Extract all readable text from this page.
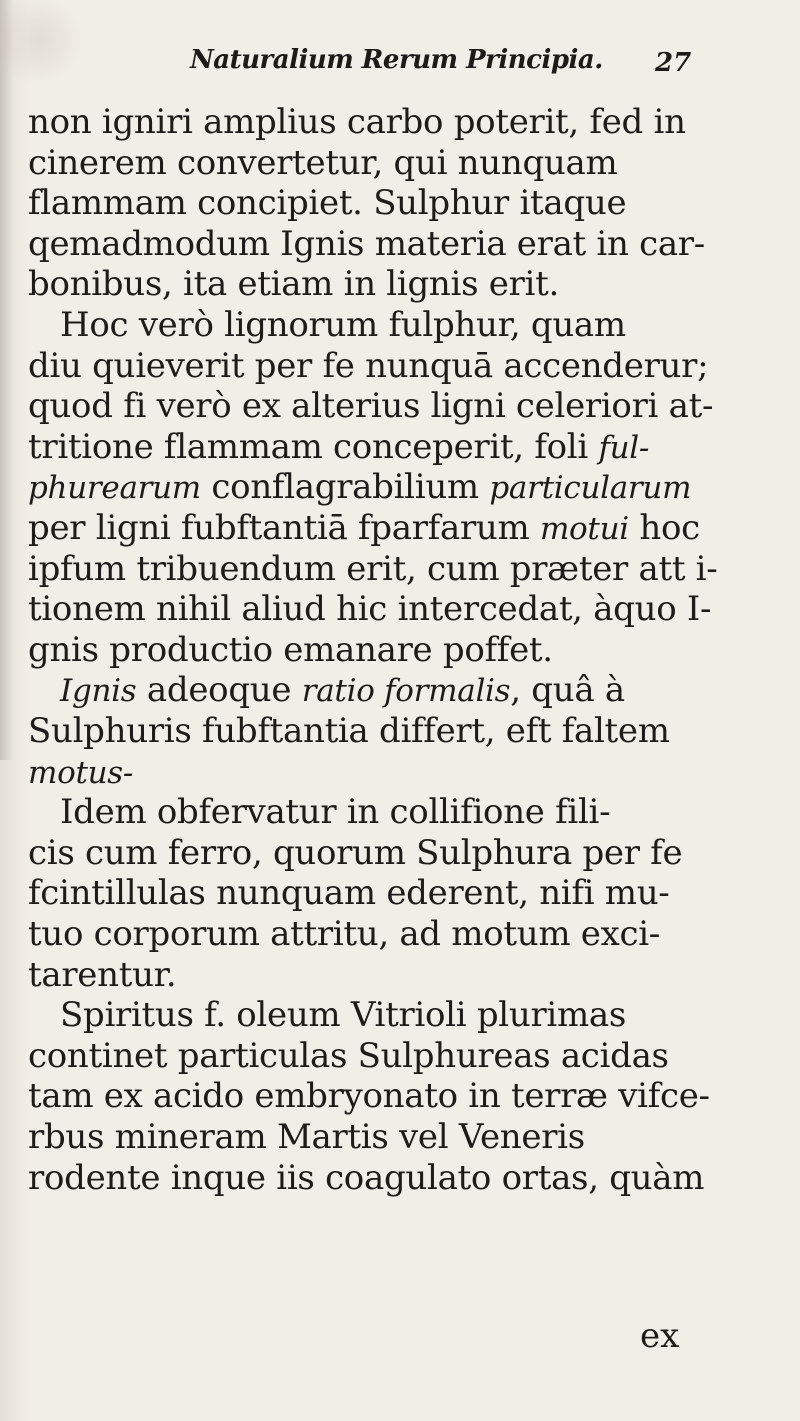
Naturalium Rerum Principia. 27
non igniri amplius carbo poterit, fed in
cinerem convertetur, qui nunquam
flammam concipiet. Sulphur itaque
qemadmodum Ignis materia erat in car-
bonibus, ita etiam in lignis erit.
Hoc verò lignorum fulphur, quam
diu quieverit per fe nunquā accenderur;
quod fi verò ex alterius ligni celeriori at-
tritione flammam conceperit, foli ful-
phurearum conflagrabilium particularum
per ligni fubftantiā fparfarum motui hoc
ipfum tribuendum erit, cum præter att i-
tionem nihil aliud hic intercedat, àquo I-
gnis productio emanare poffet.
Ignis adeoque ratio formalis, quâ à
Sulphuris fubftantia differt, eft faltem
motus-
Idem obfervatur in collifione fili-
cis cum ferro, quorum Sulphura per fe
fcintillulas nunquam ederent, nifi mu-
tuo corporum attritu, ad motum exci-
tarentur.
Spiritus f. oleum Vitrioli plurimas
continet particulas Sulphureas acidas
tam ex acido embryonato in terræ vifce-
rbus mineram Martis vel Veneris
rodente inque iis coagulato ortas, quàm
ex
